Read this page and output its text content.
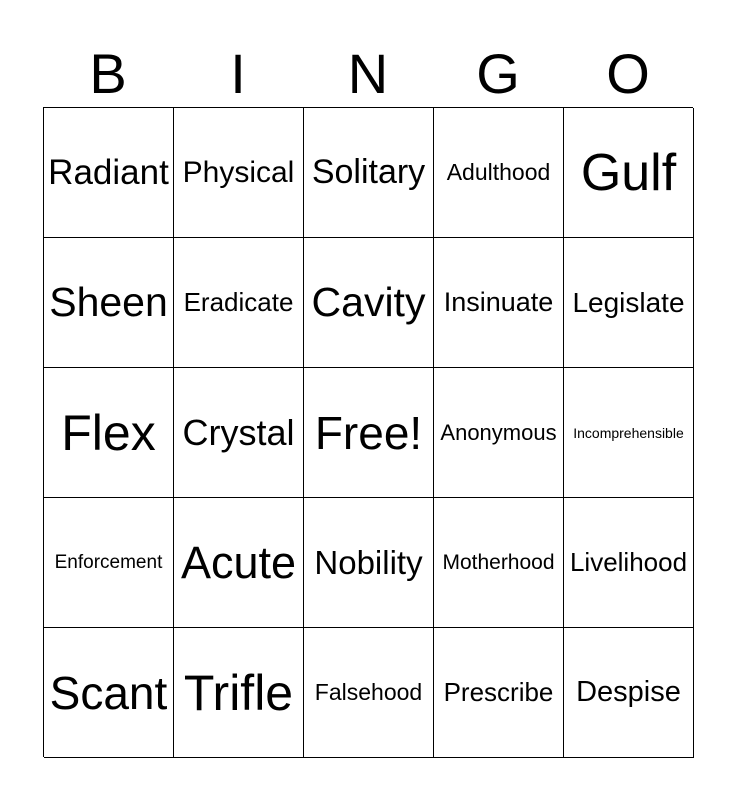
B	I	N	G	O
Radiant Physical Solitary Adulthood Gulf
Sheen Eradicate Cavity Insinuate Legislate
Flex Crystal Free! Anonymous Incomprehensible
Enforcement Acute Nobility Motherhood Livelihood
Scant Trifle Falsehood Prescribe Despise
